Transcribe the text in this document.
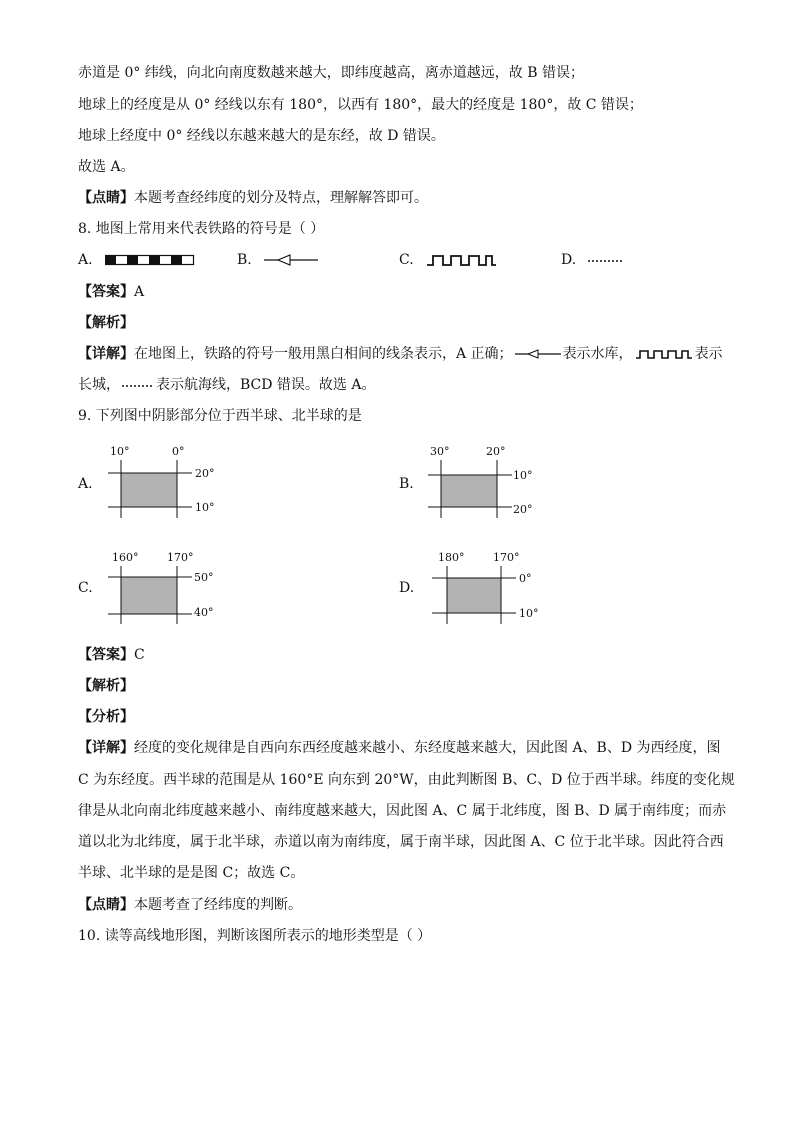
赤道是 0° 纬线，向北向南度数越来越大，即纬度越高，离赤道越远，故 B 错误；
地球上的经度是从 0° 经线以东有 180°，以西有 180°，最大的经度是 180°，故 C 错误；
地球上经度中 0° 经线以东越来越大的是东经，故 D 错误。
故选 A。
【点睛】本题考查经纬度的划分及特点，理解解答即可。
8. 地图上常用来代表铁路的符号是（ ）
A.	B.	C.	D.
【答案】A
【解析】
【详解】在地图上，铁路的符号一般用黑白相间的线条表示，A 正确；	表示水库，	表示
长城，	表示航海线，BCD 错误。故选 A。
9. 下列图中阴影部分位于西半球、北半球的是
A.
10°	0°
20°
10°
B.
30°	20°
10°
20°
C.
160°	170°
50°
40°
D.
180°	170°
0°
10°
【答案】C
【解析】
【分析】
【详解】经度的变化规律是自西向东西经度越来越小、东经度越来越大，因此图 A、B、D 为西经度，图
C 为东经度。西半球的范围是从 160°E 向东到 20°W，由此判断图 B、C、D 位于西半球。纬度的变化规
律是从北向南北纬度越来越小、南纬度越来越大，因此图 A、C 属于北纬度，图 B、D 属于南纬度；而赤
道以北为北纬度，属于北半球，赤道以南为南纬度，属于南半球，因此图 A、C 位于北半球。因此符合西
半球、北半球的是是图 C；故选 C。
【点睛】本题考查了经纬度的判断。
10. 读等高线地形图，判断该图所表示的地形类型是（ ）
